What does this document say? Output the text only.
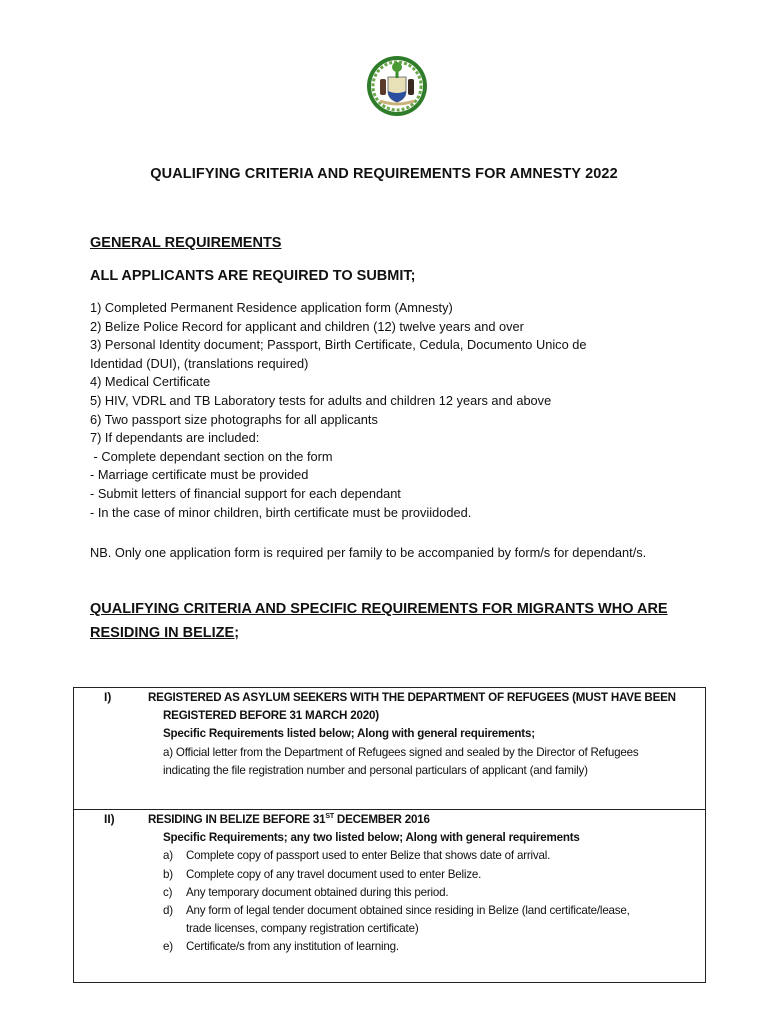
QUALIFYING CRITERIA AND REQUIREMENTS FOR AMNESTY 2022
GENERAL REQUIREMENTS
ALL APPLICANTS ARE REQUIRED TO SUBMIT;
1) Completed Permanent Residence application form (Amnesty)
2) Belize Police Record for applicant and children (12) twelve years and over
3) Personal Identity document; Passport, Birth Certificate, Cedula, Documento Unico de
Identidad (DUI), (translations required)
4) Medical Certificate
5) HIV, VDRL and TB Laboratory tests for adults and children 12 years and above
6) Two passport size photographs for all applicants
7) If dependants are included:
- Complete dependant section on the form
- Marriage certificate must be provided
- Submit letters of financial support for each dependant
- In the case of minor children, birth certificate must be proviidoded.
NB. Only one application form is required per family to be accompanied by form/s for dependant/s.
QUALIFYING CRITERIA AND SPECIFIC REQUIREMENTS FOR MIGRANTS WHO ARE
RESIDING IN BELIZE;
I)	REGISTERED AS ASYLUM SEEKERS WITH THE DEPARTMENT OF REFUGEES (MUST HAVE BEEN
REGISTERED BEFORE 31 MARCH 2020)
Specific Requirements listed below; Along with general requirements;
a) Official letter from the Department of Refugees signed and sealed by the Director of Refugees
indicating the file registration number and personal particulars of applicant (and family)
II)	RESIDING IN BELIZE BEFORE 31ST DECEMBER 2016
Specific Requirements; any two listed below; Along with general requirements
a) Complete copy of passport used to enter Belize that shows date of arrival.
b) Complete copy of any travel document used to enter Belize.
c) Any temporary document obtained during this period.
d) Any form of legal tender document obtained since residing in Belize (land certificate/lease,
trade licenses, company registration certificate)
e) Certificate/s from any institution of learning.
